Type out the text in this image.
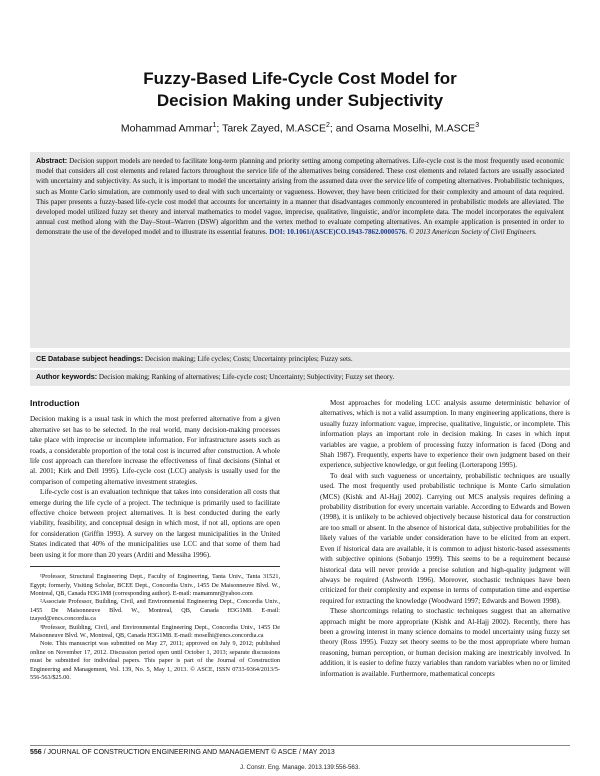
Fuzzy-Based Life-Cycle Cost Model for
Decision Making under Subjectivity
Mohammad Ammar$^1$; Tarek Zayed, M.ASCE$^2$; and Osama Moselhi, M.ASCE$^3$

Abstract: Decision support models are needed to facilitate long-term planning and priority setting among competing alternatives. Life-cycle cost is the most frequently used economic model that considers all cost elements and related factors throughout the service life of the alternatives being considered. These cost elements and related factors are usually associated with uncertainty and subjectivity. As such, it is important to model the uncertainty arising from the assumed data over the service life of competing alternatives. Probabilistic techniques, such as Monte Carlo simulation, are commonly used to deal with such uncertainty or vagueness. However, they have been criticized for their complexity and amount of data required. This paper presents a fuzzy-based life-cycle cost model that accounts for uncertainty in a manner that disadvantages commonly encountered in probabilistic models are alleviated. The developed model utilized fuzzy set theory and interval mathematics to model vague, imprecise, qualitative, linguistic, and/or incomplete data. The model incorporates the equivalent annual cost method along with the Day–Stout–Warren (DSW) algorithm and the vertex method to evaluate competing alternatives. An example application is presented in order to demonstrate the use of the developed model and to illustrate its essential features. DOI: 10.1061/(ASCE)CO.1943-7862.0000576. © 2013 American Society of Civil Engineers.

CE Database subject headings: Decision making; Life cycles; Costs; Uncertainty principles; Fuzzy sets.
Author keywords: Decision making; Ranking of alternatives; Life-cycle cost; Uncertainty; Subjectivity; Fuzzy set theory.
Introduction

Decision making is a usual task in which the most preferred alternative from a given alternative set has to be selected. In the real world, many decision-making processes take place with imprecise or incomplete information. For infrastructure assets such as roads, a considerable proportion of the total cost is incurred after construction. A whole life cost approach can therefore increase the effectiveness of final decisions (Sinhal et al. 2001; Kirk and Dell 1995). Life-cycle cost (LCC) analysis is usually used for the comparison of competing alternative investment strategies.

Life-cycle cost is an evaluation technique that takes into consideration all costs that emerge during the life cycle of a project. The technique is primarily used to facilitate effective choice between project alternatives. It is best conducted during the early viability, feasibility, and conceptual design in which most, if not all, options are open for consideration (Griffin 1993). A survey on the largest municipalities in the United States indicated that 40% of the municipalities use LCC and that some of them had been using it for more than 20 years (Arditi and Messiha 1996).

¹Professor, Structural Engineering Dept., Faculty of Engineering, Tanta Univ., Tanta 31521, Egypt; formerly, Visiting Scholar, BCEE Dept., Concordia Univ., 1455 De Maisonneuve Blvd. W., Montreal, QB, Canada H3G1M8 (corresponding author). E-mail: mamammr@yahoo.com

²Associate Professor, Building, Civil, and Environmental Engineering Dept., Concordia Univ., 1455 De Maisonneuve Blvd. W., Montreal, QB, Canada H3G1M8. E-mail: tzayed@encs.concordia.ca

³Professor, Building, Civil, and Environmental Engineering Dept., Concordia Univ., 1455 De Maisonneuve Blvd. W., Montreal, QB, Canada H3G1M8. E-mail: moselhi@encs.concordia.ca

Note. This manuscript was submitted on May 27, 2011; approved on July 9, 2012; published online on November 17, 2012. Discussion period open until October 1, 2013; separate discussions must be submitted for individual papers. This paper is part of the Journal of Construction Engineering and Management, Vol. 139, No. 5, May 1, 2013. © ASCE, ISSN 0733-9364/2013/5-556-563/$25.00.

Most approaches for modeling LCC analysis assume deterministic behavior of alternatives, which is not a valid assumption. In many engineering applications, there is usually fuzzy information: vague, imprecise, qualitative, linguistic, or incomplete. This information plays an important role in decision making. In cases in which input variables are vague, a problem of processing fuzzy information is faced (Dong and Shah 1987). Frequently, experts have to experience their own judgment based on their experience, subjective knowledge, or gut feeling (Lorterapong 1995).

To deal with such vagueness or uncertainty, probabilistic techniques are usually used. The most frequently used probabilistic technique is Monte Carlo simulation (MCS) (Kishk and Al-Hajj 2002). Carrying out MCS analysis requires defining a probability distribution for every uncertain variable. According to Edwards and Bowen (1998), it is unlikely to be achieved objectively because historical data for construction are too small or absent. In the absence of historical data, subjective probabilities for the likely values of the variable under consideration have to be elicited from an expert. Even if historical data are available, it is common to adjust historic-based assessments with subjective opinions (Sobanjo 1999). This seems to be a requirement because historical data will never provide a precise solution and high-quality judgment will always be required (Ashworth 1996). Moreover, stochastic techniques have been criticized for their complexity and expense in terms of computation time and expertise required for extracting the knowledge (Woodward 1997; Edwards and Bowen 1998).

These shortcomings relating to stochastic techniques suggest that an alternative approach might be more appropriate (Kishk and Al-Hajj 2002). Recently, there has been a growing interest in many science domains to model uncertainty using fuzzy set theory (Ross 1995). Fuzzy set theory seems to be the most appropriate where human reasoning, human perception, or human decision making are inextricably involved. In addition, it is easier to define fuzzy variables than random variables when no or limited information is available. Furthermore, mathematical concepts

556 / JOURNAL OF CONSTRUCTION ENGINEERING AND MANAGEMENT © ASCE / MAY 2013
J. Constr. Eng. Manage. 2013.139:556-563.
